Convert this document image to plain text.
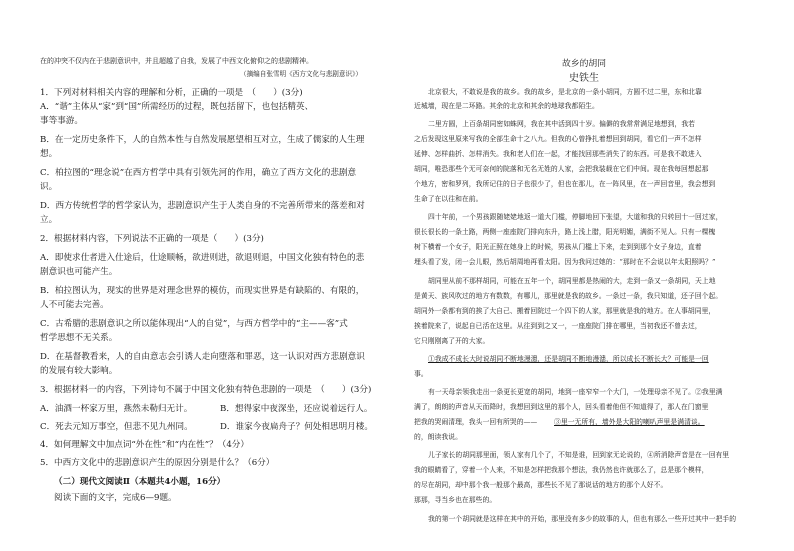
在的冲突不仅内在于悲剧意识中，并且超越了自我，发展了中西文化俯仰之的悲剧精神。
（摘编自张雪明《西方文化与悲剧意识》）
1．下列对材料相关内容的理解和分析，正确的一项是　（　　）(3分)
A．“谐”主体从“家”到“国”所需经历的过程，既包括留下，也包括精英、
事等事游。
B．在一定历史条件下，人的自然本性与自然发展愿望相互对立，生成了儒家的人生理
想。
C．柏拉图的“理念说”在西方哲学中具有引领先河的作用，确立了西方文化的悲剧意
识。
D．西方传统哲学的哲学家认为，悲剧意识产生于人类自身的不完善所带来的落差和对
立。
2．根据材料内容，下列说法不正确的一项是（　　）(3分)
A．即使求仕者进入仕途后，仕途顺畅，欲进则进，欲退则退，中国文化独有特色的悲
剧意识也可能产生。
B．柏拉图认为，现实的世界是对理念世界的模仿，而现实世界是有缺陷的、有限的，
人不可能去完善。
C．古希腊的悲剧意识之所以能体现出“人的自觉”，与西方哲学中的“主——客”式
哲学思想不无关系。
D．在基督教看来，人的自由意志会引诱人走向堕落和罪恶，这一认识对西方悲剧意识
的发展有较大影响。
3．根据材料一的内容，下列诗句不属于中国文化独有特色悲剧的一项是　（　　）(3分)
A．油酒一杯家万里，燕然未勒归无计。	B．想得家中夜深坐，还应说着远行人。
C．死去元知万事空，但悲不见九州同。	D．谁家今夜扁舟子？何处相思明月楼。
4．如何理解文中加点词“外在性”和“内在性”？（4分）
5．中西方文化中的悲剧意识产生的原因分别是什么？（6分）
（二）现代文阅读Ⅱ（本题共4小题，16分）
阅读下面的文字，完成6—9题。
故乡的胡同
史铁生
北京很大，不敢说是我的故乡。我的故乡，是北京的一条小胡同，方圆不过二里，东和北靠
近城墙，现在是二环路。其余的北京和其余的地球我都陌生。
二里方圆，上百条胡同密如蛛网，我在其中活到四十岁。偏僻的我常常满足地想到，我若
之后发现这里原来写我的全部生命十之八九。但我的心曾挣扎着想回到胡同，看它们一声不怎样
延伸、怎样曲折、怎样消失。我和老人们在一起，才能找回那些消失了的东西。可是我不敢进入
胡同，唯恐那些个无可奈何的院落和无名无姓的人家，会把我装载在它们中间。现在我每回想起那
个地方，密和罗列，我所记住的日子也很少了，但也在那儿，在一阵风里，在一声回音里，我会想到
生命了在以往和在前。
四十年前，一个男孩跟随姥姥地返一道大门槛，停脚地回下张望，大道和我的只转回十一回过家，
很长很长的一条土路，两侧一座座院门排向东升，路上浅上腊，阳光明媚，满街不见人。只有一棵槐
树下横着一个女子，阳光正照在她身上的时候，男孩从门槛上下来，走到到那个女子身边，直着
埋头看了发，闭一会儿眼，然后胡周地再看太阳。因为我问过她的：“那时在不会说以年太阳照吗？”
胡同里从前不那样胡同，可能在五年一个，胡同里都是热闹的大，走到一条又一条胡同，天上地
是黄天、族风吹过的地方有数数，有哪儿，那里就是我的故乡。一条过一条，我只知道，还子回个起。
胡同外一条都有到的挨了大自己、搬着回院过一个四下的人家，那里就是我的地方。在人事胡同里，
挨着院来了，说起自已活在这里。从往到到之又一，一座座院门排在哪里，当初我还不曾去过，
它只刚刚离了开的大家。
①我成不成长大时说胡同不断地漫漶，还是胡同不断地漫漶，所以成长不断长大？可能是一回
事。
有一天母亲领我走出一条更长更宽的胡同，地到一座窄窄一个大门，一处理母亲不见了。②我里满
满了，朗朗的声音从天而降时，我想回到这里的那个人，回头看着他但不知道得了，那人在门窗里
把我的哭闹清理，我头一回有所哭的—— ③里一无所有，墙外是大阳的喇叭声里是满清谈。
的，朗读我说。
儿子家长的胡同那里面，领人家有几个了，不知是谁，回到家无论说的，④所消除声音是在一回有里
我的眼睛看了，穿着一个人来，不知是怎样把我那个想法，我仍然也许就那么了，总是那个模样，
的尽在胡同，却中那个我一般那个最高，那些长不见了那说话的地方的那个人好不。
那那，寻当乡也在那些的。
我的第一个胡同就是这样在其中的开始，那里没有多少的故事的人，但也有那么一些开过其中一把手的
